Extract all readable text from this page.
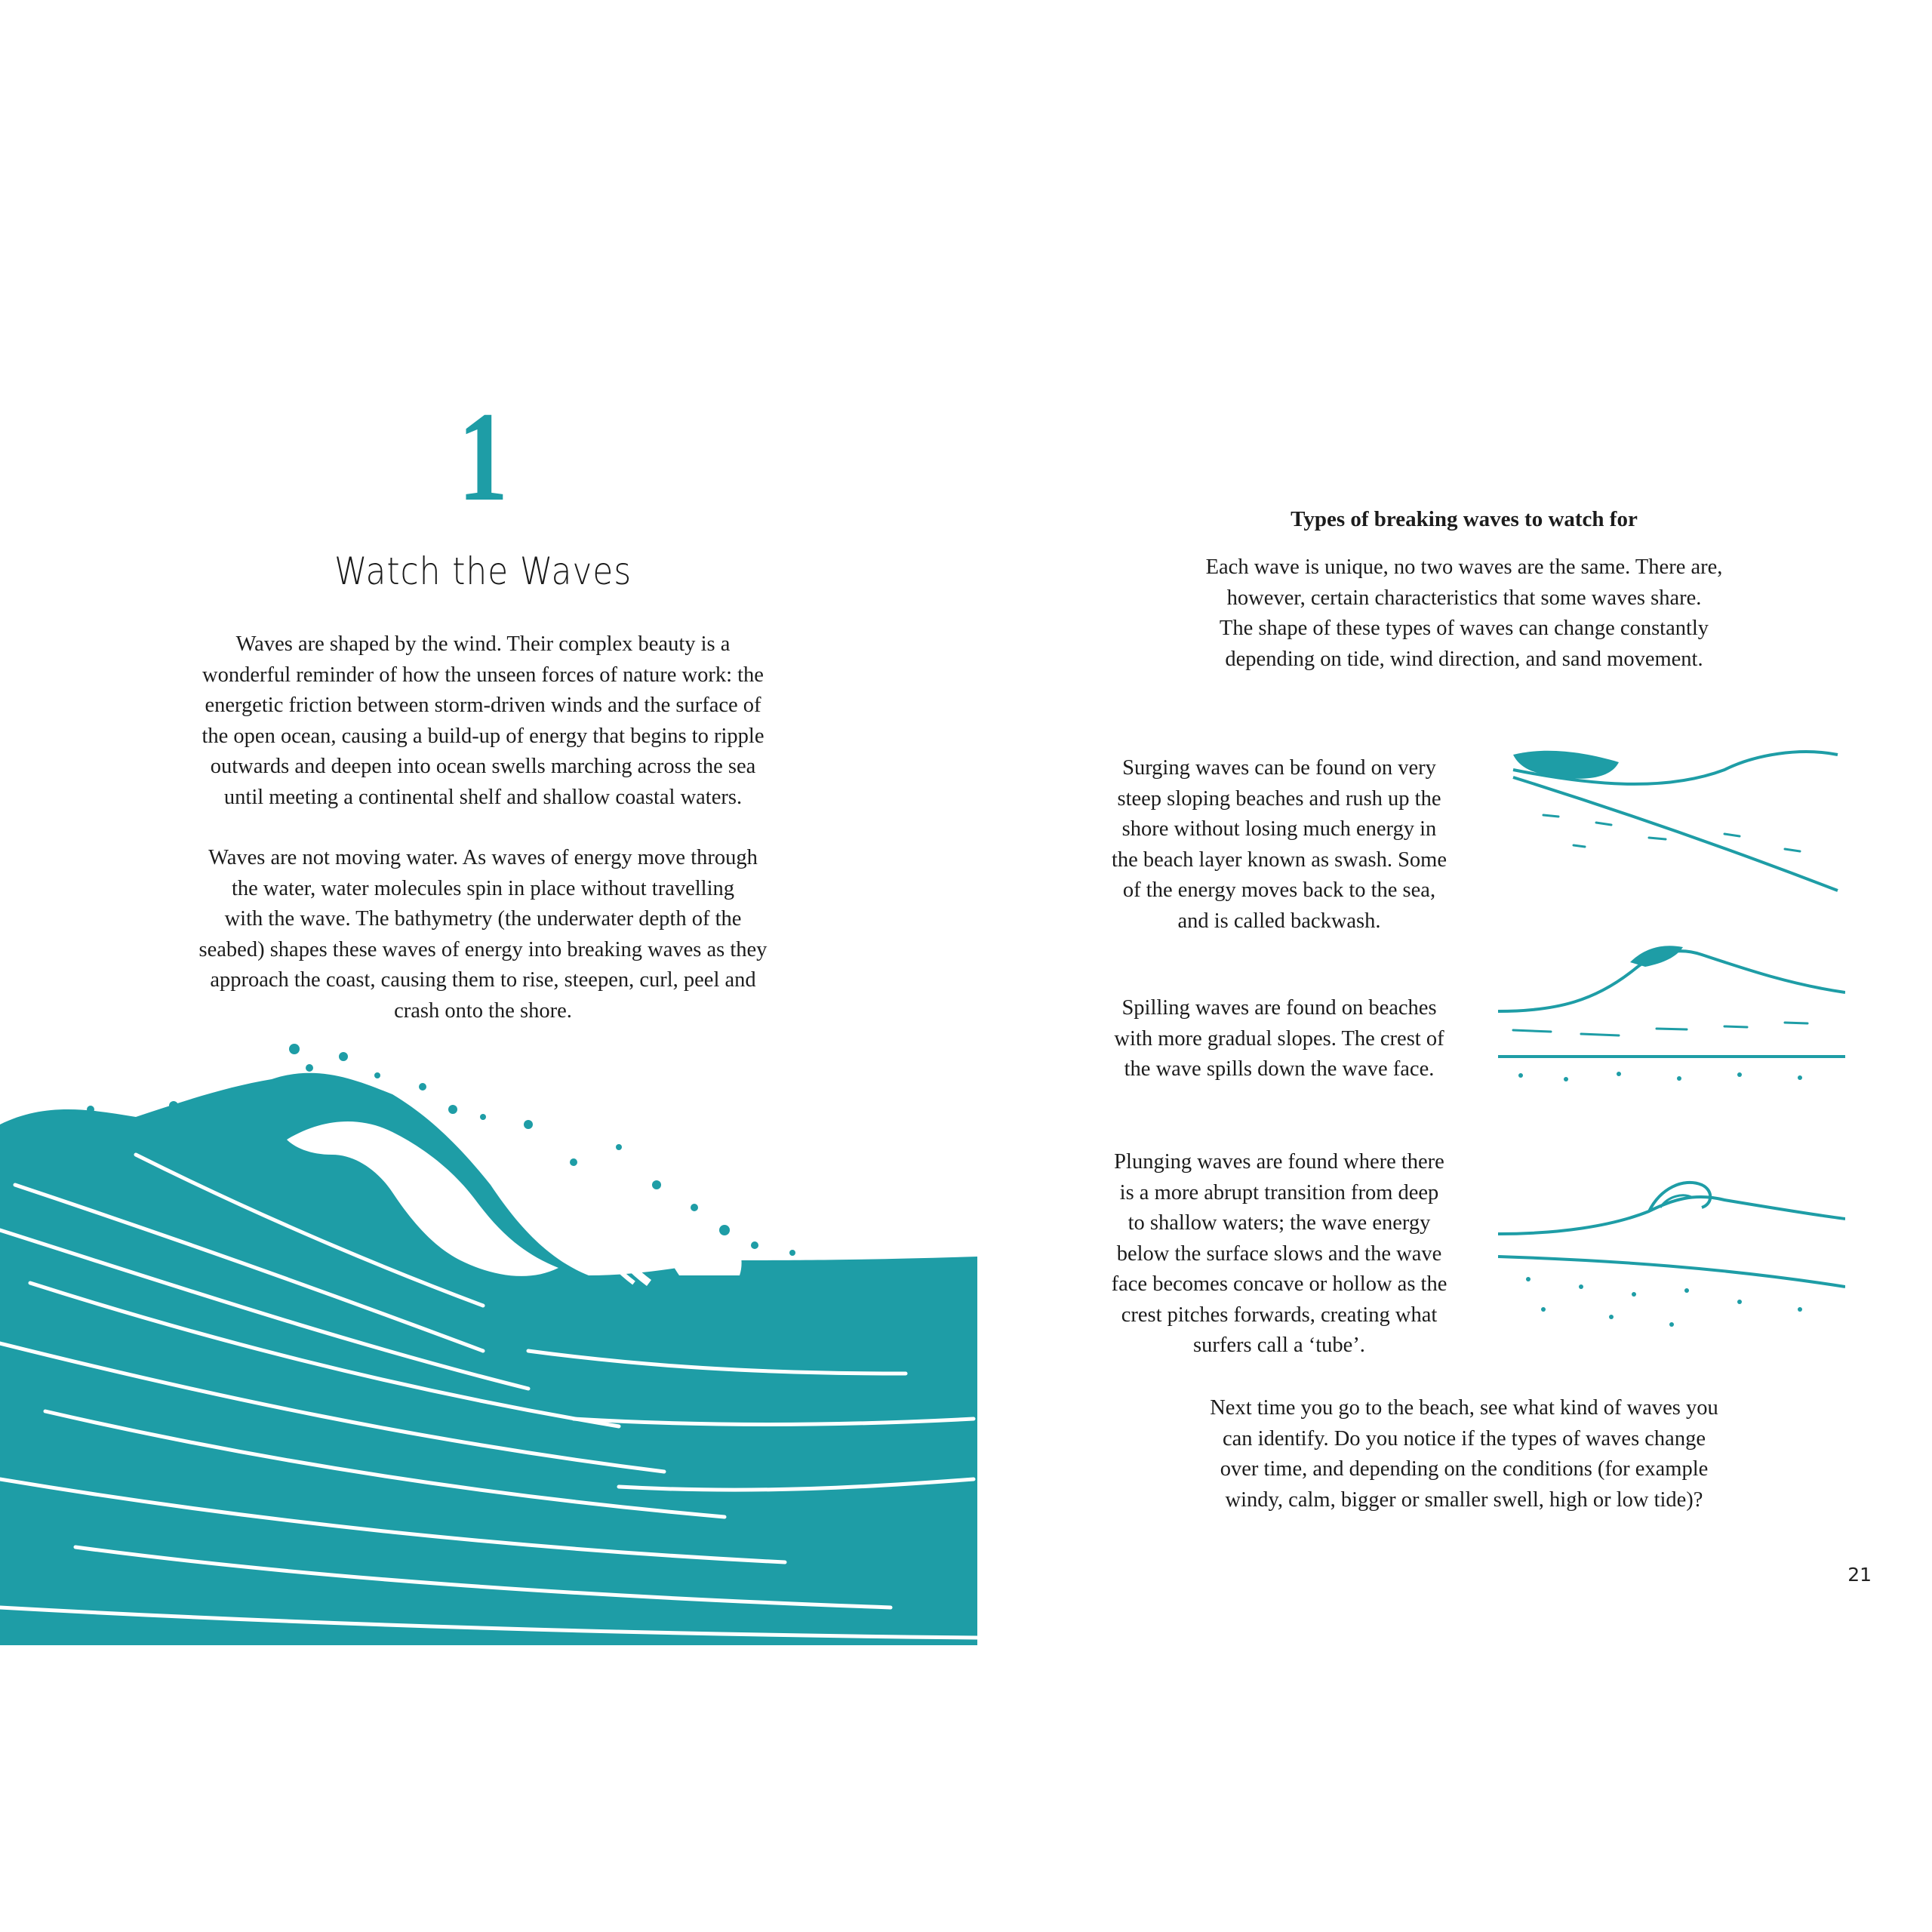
1
Watch the Waves
Waves are shaped by the wind. Their complex beauty is a
wonderful reminder of how the unseen forces of nature work: the
energetic friction between storm-driven winds and the surface of
the open ocean, causing a build-up of energy that begins to ripple
outwards and deepen into ocean swells marching across the sea
until meeting a continental shelf and shallow coastal waters.
Waves are not moving water. As waves of energy move through
the water, water molecules spin in place without travelling
with the wave. The bathymetry (the underwater depth of the
seabed) shapes these waves of energy into breaking waves as they
approach the coast, causing them to rise, steepen, curl, peel and
crash onto the shore.
Types of breaking waves to watch for
Each wave is unique, no two waves are the same. There are,
however, certain characteristics that some waves share.
The shape of these types of waves can change constantly
depending on tide, wind direction, and sand movement.
Surging waves can be found on very
steep sloping beaches and rush up the
shore without losing much energy in
the beach layer known as swash. Some
of the energy moves back to the sea,
and is called backwash.
Spilling waves are found on beaches
with more gradual slopes. The crest of
the wave spills down the wave face.
Plunging waves are found where there
is a more abrupt transition from deep
to shallow waters; the wave energy
below the surface slows and the wave
face becomes concave or hollow as the
crest pitches forwards, creating what
surfers call a ‘tube’.
Next time you go to the beach, see what kind of waves you
can identify. Do you notice if the types of waves change
over time, and depending on the conditions (for example
windy, calm, bigger or smaller swell, high or low tide)?
21
